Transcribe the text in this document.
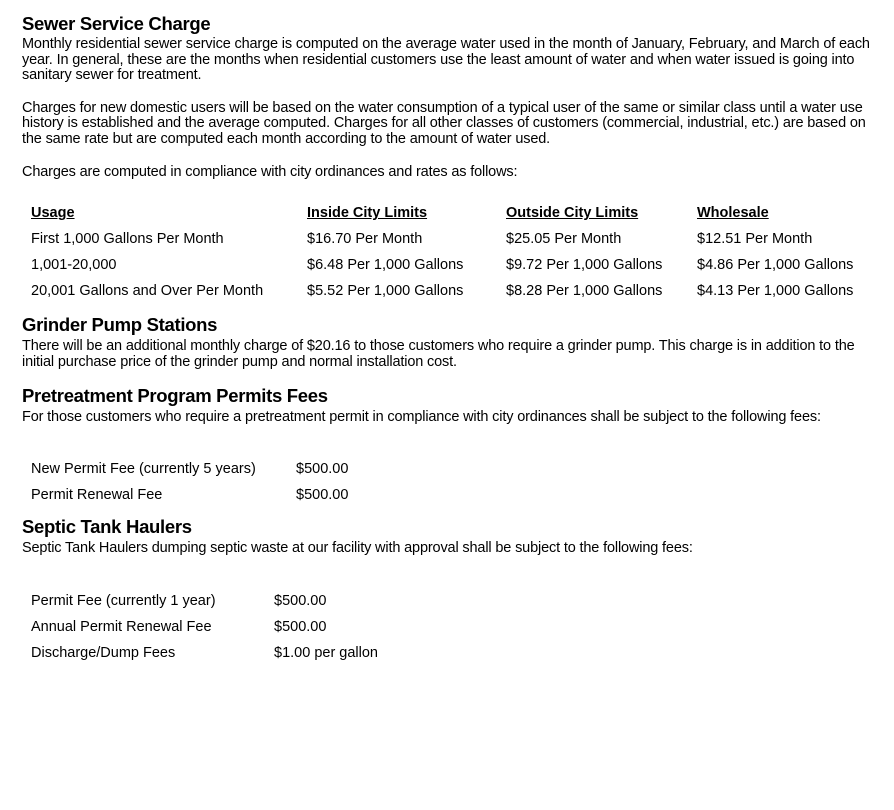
Sewer Service Charge

Monthly residential sewer service charge is computed on the average water used in the month of January, February, and March of each year. In general, these are the months when residential customers use the least amount of water and when water issued is going into sanitary sewer for treatment.

Charges for new domestic users will be based on the water consumption of a typical user of the same or similar class until a water use history is established and the average computed. Charges for all other classes of customers (commercial, industrial, etc.) are based on the same rate but are computed each month according to the amount of water used.

Charges are computed in compliance with city ordinances and rates as follows:

Usage	Inside City Limits	Outside City Limits	Wholesale
First 1,000 Gallons Per Month	$16.70 Per Month	$25.05 Per Month	$12.51 Per Month
1,001-20,000	$6.48 Per 1,000 Gallons	$9.72 Per 1,000 Gallons	$4.86 Per 1,000 Gallons
20,001 Gallons and Over Per Month	$5.52 Per 1,000 Gallons	$8.28 Per 1,000 Gallons	$4.13 Per 1,000 Gallons
Grinder Pump Stations

There will be an additional monthly charge of $20.16 to those customers who require a grinder pump. This charge is in addition to the initial purchase price of the grinder pump and normal installation cost.

Pretreatment Program Permits Fees

For those customers who require a pretreatment permit in compliance with city ordinances shall be subject to the following fees:

New Permit Fee (currently 5 years)	$500.00
Permit Renewal Fee	$500.00
Septic Tank Haulers

Septic Tank Haulers dumping septic waste at our facility with approval shall be subject to the following fees:

Permit Fee (currently 1 year)	$500.00
Annual Permit Renewal Fee	$500.00
Discharge/Dump Fees	$1.00 per gallon
